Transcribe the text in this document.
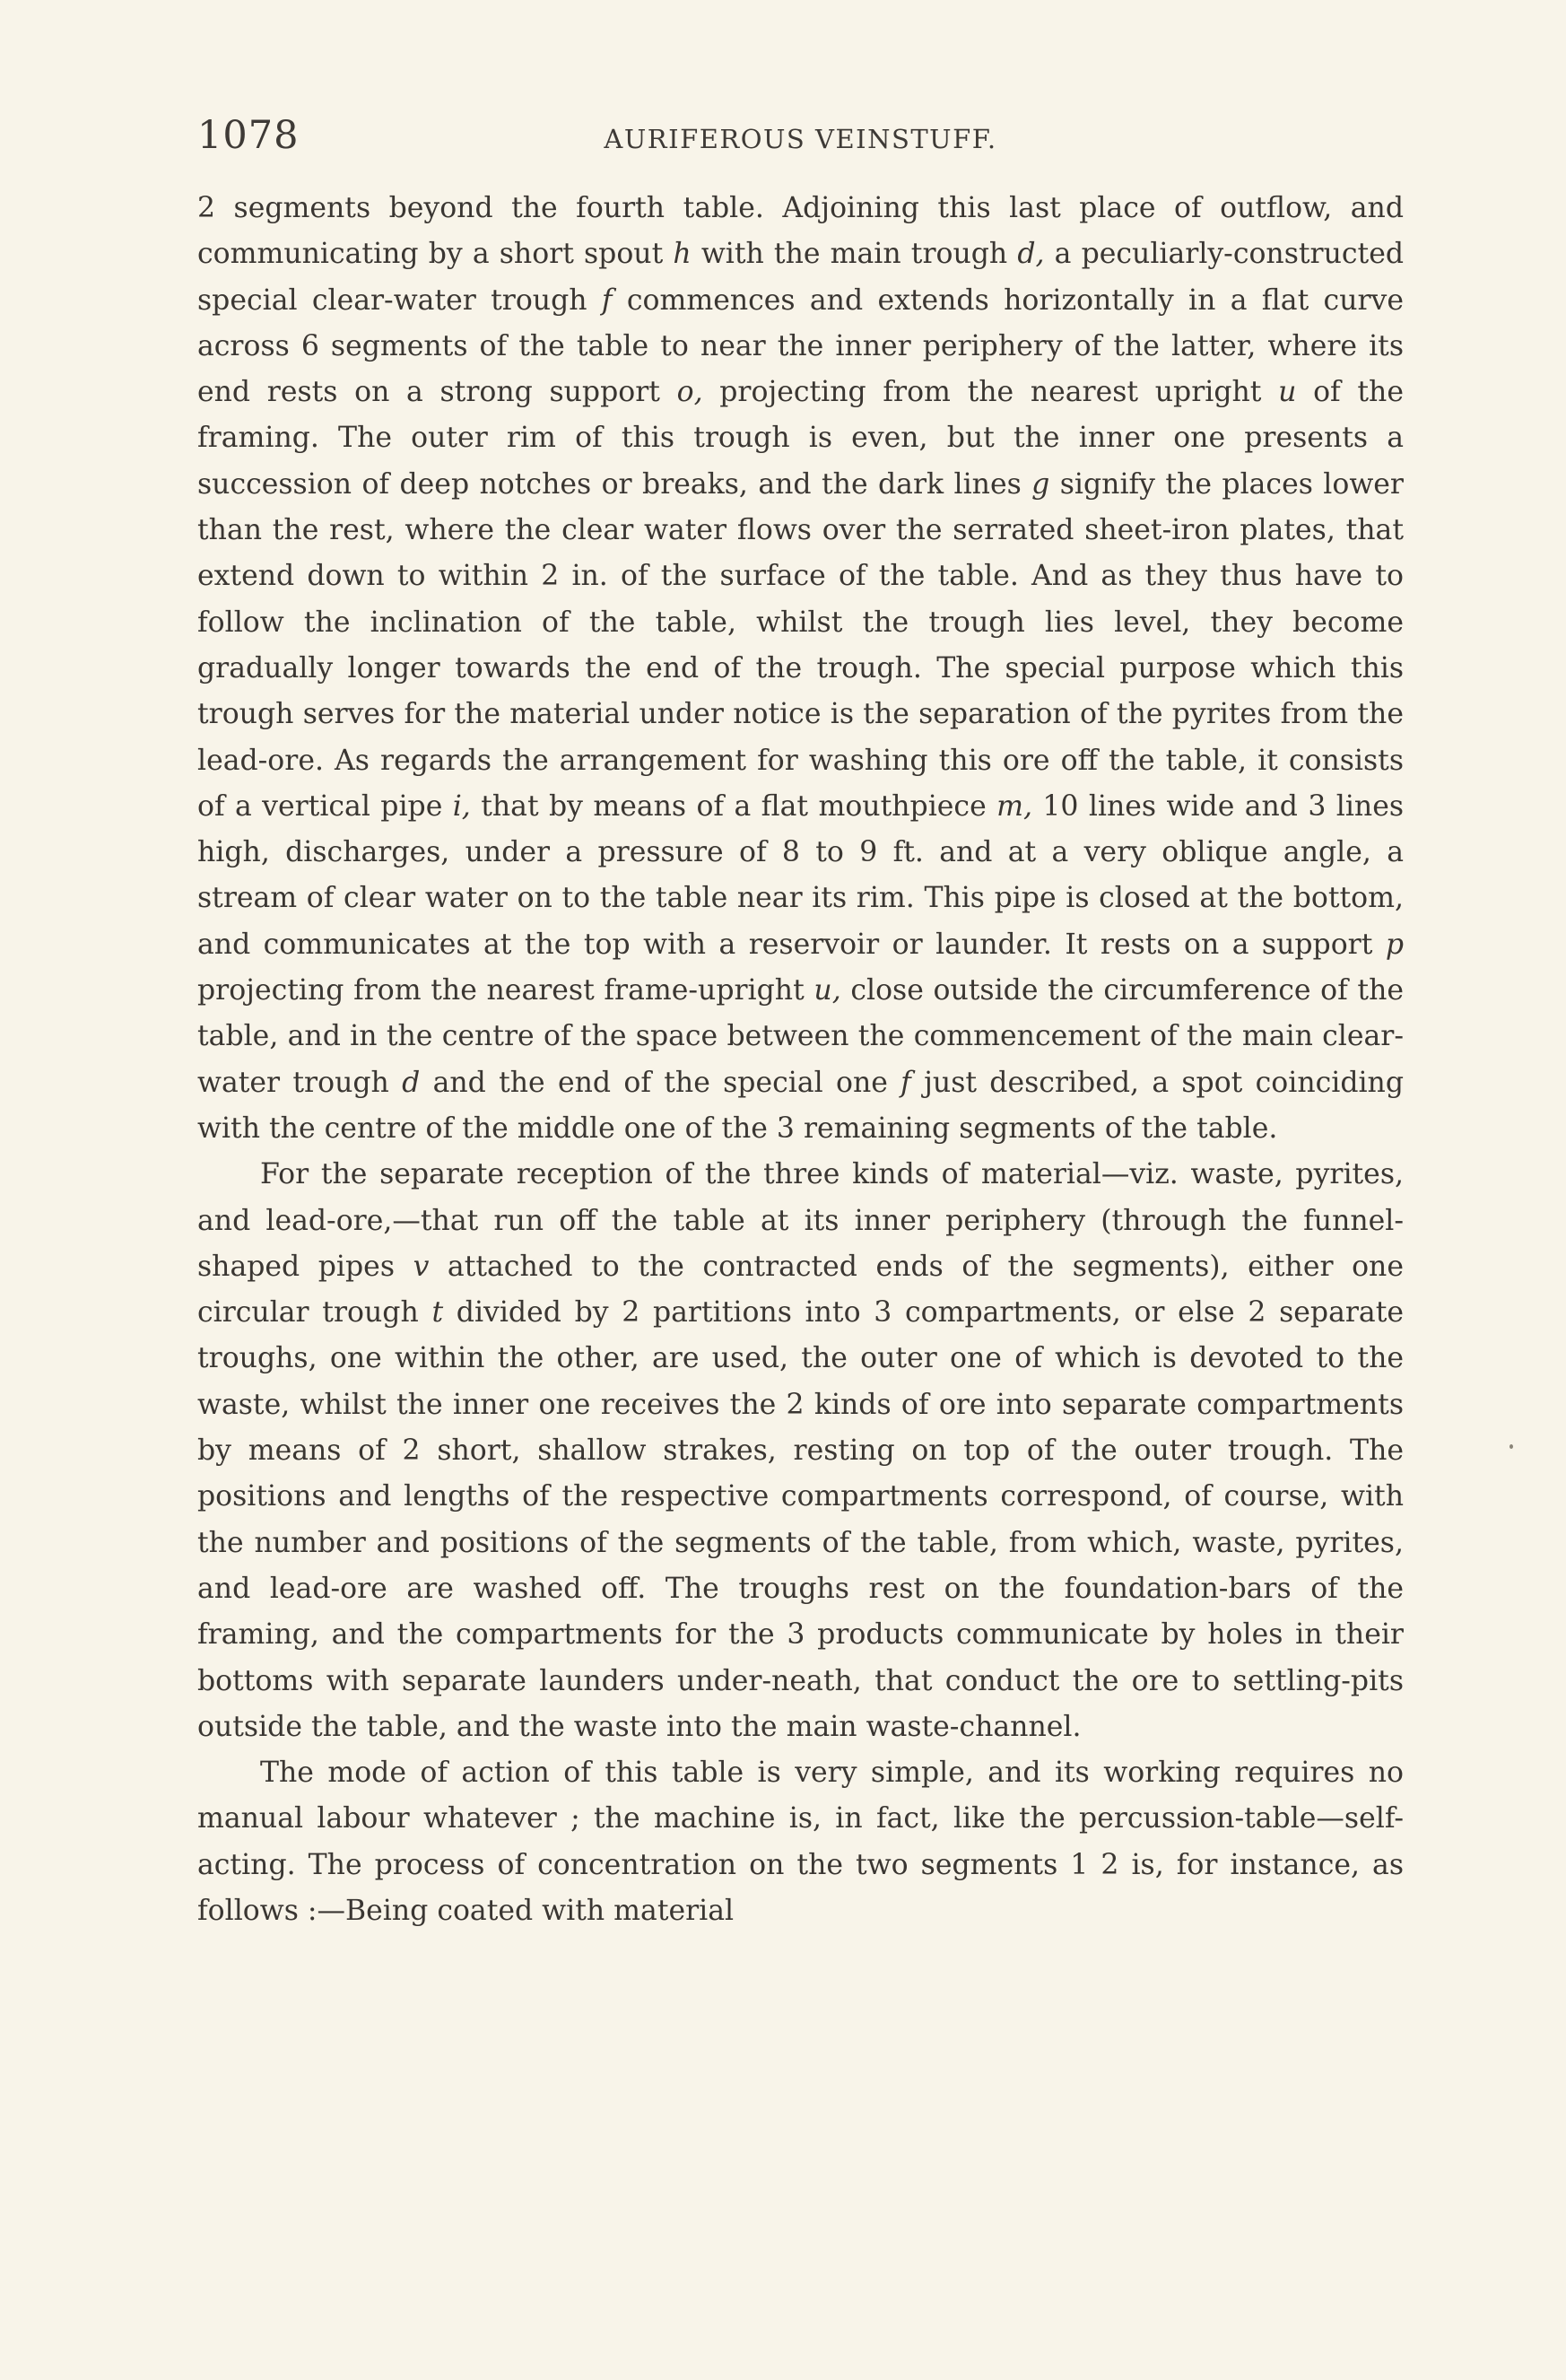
1078	AURIFEROUS VEINSTUFF.

2 segments beyond the fourth table. Adjoining this last place of outflow, and communicating by a short spout h with the main trough d, a peculiarly-constructed special clear-water trough f commences and extends horizontally in a flat curve across 6 segments of the table to near the inner periphery of the latter, where its end rests on a strong support o, projecting from the nearest upright u of the framing. The outer rim of this trough is even, but the inner one presents a succession of deep notches or breaks, and the dark lines g signify the places lower than the rest, where the clear water flows over the serrated sheet-iron plates, that extend down to within 2 in. of the surface of the table. And as they thus have to follow the inclination of the table, whilst the trough lies level, they become gradually longer towards the end of the trough. The special purpose which this trough serves for the material under notice is the separation of the pyrites from the lead-ore. As regards the arrangement for washing this ore off the table, it consists of a vertical pipe i, that by means of a flat mouthpiece m, 10 lines wide and 3 lines high, discharges, under a pressure of 8 to 9 ft. and at a very oblique angle, a stream of clear water on to the table near its rim. This pipe is closed at the bottom, and communicates at the top with a reservoir or launder. It rests on a support p projecting from the nearest frame-upright u, close outside the circumference of the table, and in the centre of the space between the commencement of the main clear-water trough d and the end of the special one f just described, a spot coinciding with the centre of the middle one of the 3 remaining segments of the table.

For the separate reception of the three kinds of material—viz. waste, pyrites, and lead-ore,—that run off the table at its inner periphery (through the funnel-shaped pipes v attached to the contracted ends of the segments), either one circular trough t divided by 2 partitions into 3 compartments, or else 2 separate troughs, one within the other, are used, the outer one of which is devoted to the waste, whilst the inner one receives the 2 kinds of ore into separate compartments by means of 2 short, shallow strakes, resting on top of the outer trough. The positions and lengths of the respective compartments correspond, of course, with the number and positions of the segments of the table, from which, waste, pyrites, and lead-ore are washed off. The troughs rest on the foundation-bars of the framing, and the compartments for the 3 products communicate by holes in their bottoms with separate launders under-neath, that conduct the ore to settling-pits outside the table, and the waste into the main waste-channel.

The mode of action of this table is very simple, and its working requires no manual labour whatever ; the machine is, in fact, like the percussion-table—self-acting. The process of concentration on the two segments 1 2 is, for instance, as follows :—Being coated with material
